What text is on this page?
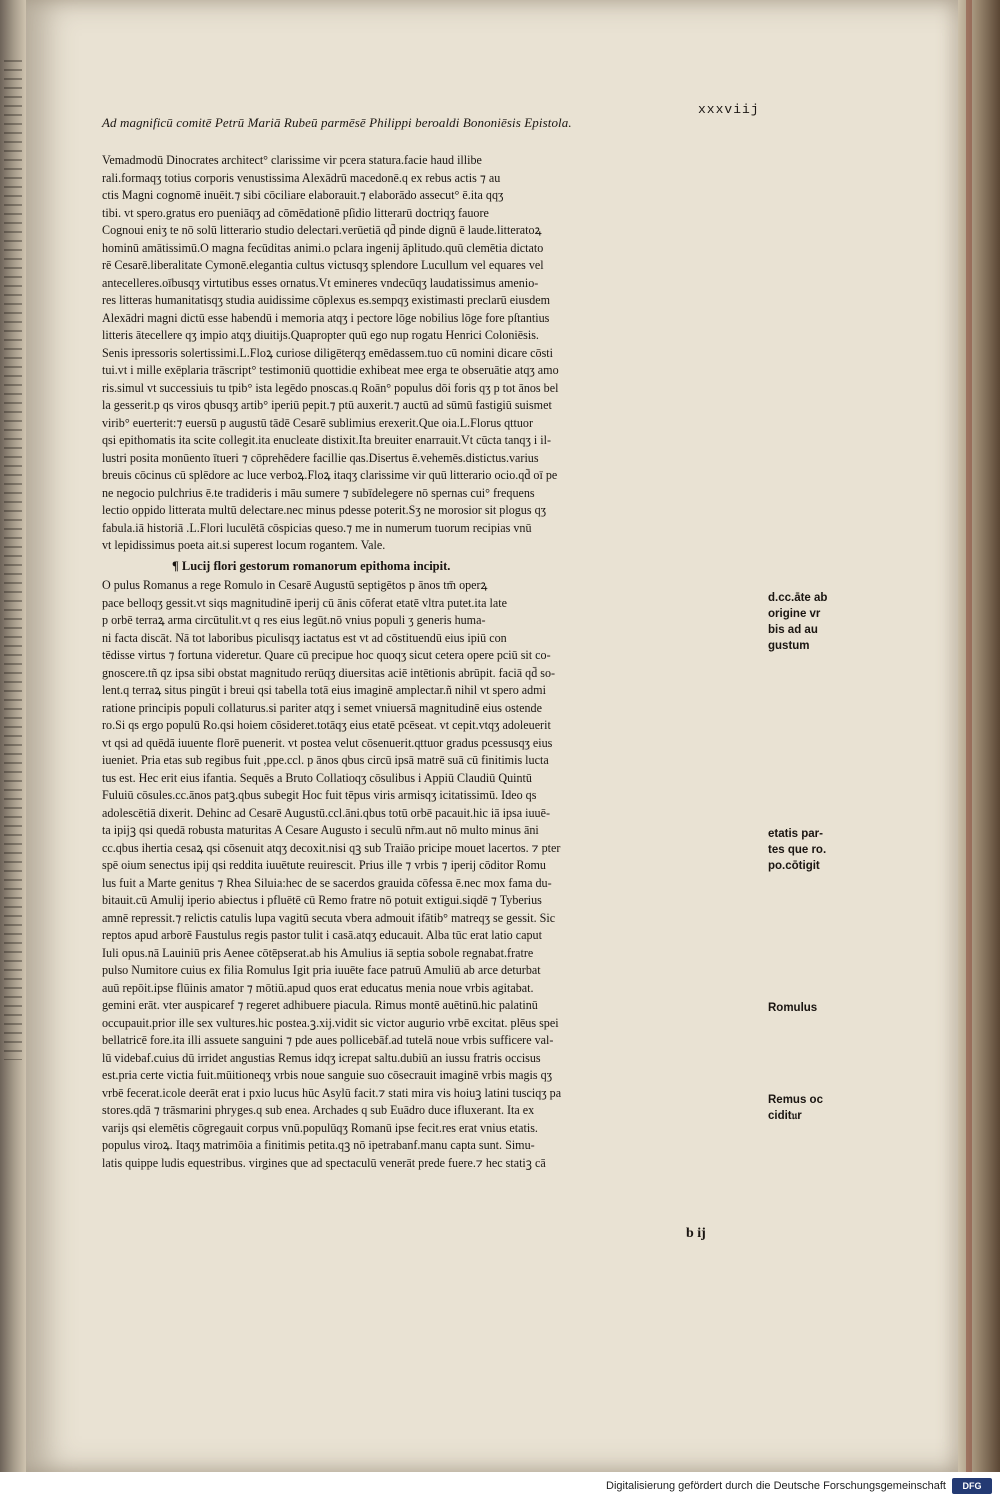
xxxviij
Ad magnificū comitē Petrū Mariā Rubeū parmēsē Philippi beroaldi Bononiēsis Epistola.

Vemadmodū Dinocrates architect° clarissime vir pcera statura.facie haud illibe

rali.formaqʒ totius corporis venustissima Alexādrū macedonē.q ex rebus actis ⁊ au

ctis Magni cognomē inuēit.⁊ sibi cōciliare elaborauit.⁊ elaborādo assecut° ē.ita qqʒ

tibi. vt spero.gratus ero pueniāqʒ ad cōmēdationē pſidio litterarū doctriqʒ fauore

Cognoui eniʒ te nō solū litterario studio delectari.verūetiā qd̄ pinde dignū ē laude.litteratoꝝ

hominū amātissimū.O magna fecūditas animi.o pclara ingenij āplitudo.quū clemētia dictato

rē Cesarē.liberalitate Cymonē.elegantia cultus victusqʒ splendore Lucullum vel equares vel

antecelleres.oībusqʒ virtutibus esses ornatus.Vt emineres vndecūqʒ laudatissimus amenio-

res litteras humanitatisqʒ studia auidissime cōplexus es.sempqʒ existimasti preclarū eiusdem

Alexādri magni dictū esse habendū i memoria atqʒ i pectore lōge nobilius lōge fore pſtantius

litteris ātecellere qʒ impio atqʒ diuitijs.Quapropter quū ego nup rogatu Henrici Coloniēsis.

Senis ipressoris solertissimi.L.Floꝝ curiose diligēterqʒ emēdassem.tuo cū nomini dicare cōsti

tui.vt i mille exēplaria trāscript° testimoniū quottidie exhibeat mee erga te obseruātie atqʒ amo

ris.simul vt successiuis tu tpib° ista legēdo pnoscas.q Roān° populus dōi foris qʒ p tot ānos bel

la gesserit.p qs viros qbusqʒ artib° iperiū pepit.⁊ ptū auxerit.⁊ auctū ad sūmū fastigiū suismet

virib° euerterit:⁊ euersū p augustū tādē Cesarē sublimius erexerit.Que oia.L.Florus qttuor

qsi epithomatis ita scite collegit.ita enucleate distixit.Ita breuiter enarrauit.Vt cūcta tanqʒ i il-

lustri posita monūento ītueri ⁊ cōprehēdere facillie qas.Disertus ē.vehemēs.distictus.varius

breuis cōcinus cū splēdore ac luce verboꝝ.Floꝝ itaqʒ clarissime vir quū litterario ocio.qd̄ oī pe

ne negocio pulchrius ē.te tradideris i māu sumere ⁊ subīdelegere nō spernas cui° frequens

lectio oppido litterata multū delectare.nec minus pdesse poterit.Sʒ ne morosior sit plogus qʒ

fabula.iā historiā .L.Flori luculētā cōspicias queso.⁊ me in numerum tuorum recipias vnū

vt lepidissimus poeta ait.si superest locum rogantem. Vale.

¶ Lucij flori gestorum romanorum epithoma incipit.

O pulus Romanus a rege Romulo in Cesarē Augustū septigētos p ānos tm̄ operꝝ

pace belloqʒ gessit.vt siqs magnitudinē iperij cū ānis cōferat etatē vltra putet.ita late

p orbē terraꝝ arma circūtulit.vt q res eius legūt.nō vnius populi ʒ generis huma-

ni facta discāt. Nā tot laboribus piculisqʒ iactatus est vt ad cōstituendū eius ipiū con

tēdisse virtus ⁊ fortuna videretur. Quare cū precipue hoc quoqʒ sicut cetera opere pciū sit co-

gnoscere.tñ qz ipsa sibi obstat magnitudo rerūqʒ diuersitas aciē intētionis abrūpit. faciā qd̄ so-

lent.q terraꝝ situs pingūt i breui qsi tabella totā eius imaginē amplectar.ñ nihil vt spero admi

ratione principis populi collaturus.si pariter atqʒ i semet vniuersā magnitudinē eius ostende

ro.Si qs ergo populū Ro.qsi hoiem cōsideret.totāqʒ eius etatē pcēseat. vt cepit.vtqʒ adoleuerit

vt qsi ad quēdā iuuente florē puenerit. vt postea velut cōsenuerit.qttuor gradus pcessusqʒ eius

iueniet. Pria etas sub regibus fuit ,ppe.ccl. p ānos qbus circū ipsā matrē suā cū finitimis lucta

tus est. Hec erit eius ifantia. Sequēs a Bruto Collatioqʒ cōsulibus i Appiū Claudiū Quintū

Fuluiū cōsules.cc.ānos patꝫ.qbus subegit Hoc fuit tēpus viris armisqʒ icitatissimū. Ideo qs

adolescētiā dixerit. Dehinc ad Cesarē Augustū.ccl.āni.qbus totū orbē pacauit.hic iā ipsa iuuē-

ta ipijꝫ qsi quedā robusta maturitas A Cesare Augusto i seculū nr̄m.aut nō multo minus āni

cc.qbus ihertia cesaꝝ qsi cōsenuit atqʒ decoxit.nisi qꝫ sub Traiāo pricipe mouet lacertos. ⁊ pter

spē oium senectus ipij qsi reddita iuuētute reuirescit. Prius ille ⁊ vrbis ⁊ iperij cōditor Romu

lus fuit a Marte genitus ⁊ Rhea Siluia:hec de se sacerdos grauida cōfessa ē.nec mox fama du-

bitauit.cū Amulij iperio abiectus i pfluētē cū Remo fratre nō potuit extigui.siqdē ⁊ Tyberius

amnē repressit.⁊ relictis catulis lupa vagitū secuta vbera admouit ifātib° matreqʒ se gessit. Sic

reptos apud arborē Faustulus regis pastor tulit i casā.atqʒ educauit. Alba tūc erat latio caput

Iuli opus.nā Lauiniū pris Aenee cōtēpserat.ab his Amulius iā septia sobole regnabat.fratre

pulso Numitore cuius ex filia Romulus Igit pria iuuēte face patruū Amuliū ab arce deturbat

auū repōit.ipse flūinis amator ⁊ mōtiū.apud quos erat educatus menia noue vrbis agitabat.

gemini erāt. vter auspicaref ⁊ regeret adhibuere piacula. Rimus montē auētinū.hic palatinū

occupauit.prior ille sex vultures.hic postea.ꝫ.xij.vidit sic victor augurio vrbē excitat. plēus spei

bellatricē fore.ita illi assuete sanguini ⁊ pde aues pollicebāf.ad tutelā noue vrbis sufficere val-

lū videbaf.cuius dū irridet angustias Remus idqʒ icrepat saltu.dubiū an iussu fratris occisus

est.pria certe victia fuit.mūitioneqʒ vrbis noue sanguie suo cōsecrauit imaginē vrbis magis qʒ

vrbē fecerat.icole deerāt erat i pxio lucus hūc Asylū facit.⁊ stati mira vis hoiuꝫ latini tusciqʒ pa

stores.qdā ⁊ trāsmarini phryges.q sub enea. Archades q sub Euādro duce ifluxerant. Ita ex

varijs qsi elemētis cōgregauit corpus vnū.populūqʒ Romanū ipse fecit.res erat vnius etatis.

populus viroꝝ. Itaqʒ matrimōia a finitimis petita.qꝫ nō ipetrabanf.manu capta sunt. Simu-

latis quippe ludis equestribus. virgines que ad spectaculū venerāt prede fuere.⁊ hec statiꝫ cā

d.cc.āte ab
origine vr
bis ad au
gustum
etatis par-
tes que ro.
po.cōtigit
Romulus
Remus oc
cidit𝔲r
b ij
Digitalisierung gefördert durch die Deutsche Forschungsgemeinschaft	DFG
